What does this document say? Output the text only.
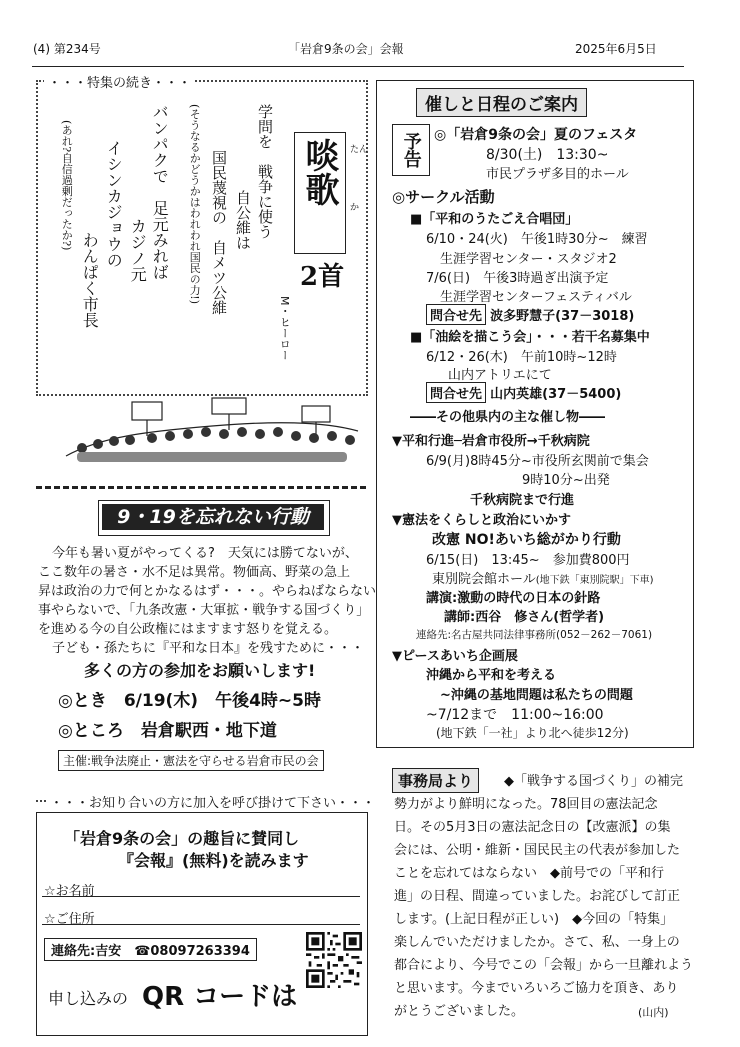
(4) 第234号	「岩倉9条の会」会報	2025年6月5日
・・・特集の続き・・・
啖歌 たん
か
2首
M・ヒーロー
学問を　戦争に使う
自公維は
国民蔑視の　自メツ公維
(そうなるかどうかはわれわれ国民の力!)
バンパクで　足元みれば
カジノ元
イシンカジョウの
わんぱく市長
(あれ?自信過剰だったか?)
9・19を忘れない行動
今年も暑い夏がやってくる?　天気には勝てないが、
ここ数年の暑さ・水不足は異常。物価高、野菜の急上
昇は政治の力で何とかなるはず・・・。やらねばならない
事やらないで、「九条改憲・大軍拡・戦争する国づくり」
を進める今の自公政権にはますます怒りを覚える。
子ども・孫たちに『平和な日本』を残すために・・・
多くの方の参加をお願いします!
◎とき　6/19(木)　午後4時~5時
◎ところ　岩倉駅西・地下道
主催:戦争法廃止・憲法を守らせる岩倉市民の会
・・・お知り合いの方に加入を呼び掛けて下さい・・・
「岩倉9条の会」の趣旨に賛同し
『会報』(無料)を読みます
☆お名前
☆ご住所
連絡先:吉安　☎08097263394
申し込みの QR コードは
催しと日程のご案内
予告 ◎「岩倉9条の会」夏のフェスタ
8/30(土)　13:30~
市民プラザ多目的ホール
◎サークル活動
■「平和のうたごえ合唱団」
6/10・24(火)　午後1時30分~　練習
生涯学習センター・スタジオ2
7/6(日)　午後3時過ぎ出演予定
生涯学習センターフェスティバル
問合せ先 波多野慧子(37－3018)
■「油絵を描こう会」・・・若干名募集中
6/12・26(木)　午前10時~12時
山内アトリエにて
問合せ先 山内英雄(37－5400)
――その他県内の主な催し物――
▼平和行進─岩倉市役所→千秋病院
6/9(月)8時45分~市役所玄関前で集会
9時10分~出発
千秋病院まで行進
▼憲法をくらしと政治にいかす
改憲 NO!あいち総がかり行動
6/15(日)　13:45~　参加費800円
東別院会館ホール(地下鉄「東別院駅」下車)
講演:激動の時代の日本の針路
講師:西谷　修さん(哲学者)
連絡先:名古屋共同法律事務所(052－262－7061)
▼ピースあいち企画展
沖縄から平和を考える
~沖縄の基地問題は私たちの問題
~7/12まで　11:00~16:00
(地下鉄「一社」より北へ徒歩12分)
事務局より	◆「戦争する国づくり」の補完
勢力がより鮮明になった。78回目の憲法記念
日。その5月3日の憲法記念日の【改憲派】の集
会には、公明・維新・国民民主の代表が参加した
ことを忘れてはならない　◆前号での「平和行
進」の日程、間違っていました。お詫びして訂正
します。(上記日程が正しい)　◆今回の「特集」
楽しんでいただけましたか。さて、私、一身上の
都合により、今号でこの「会報」から一旦離れよう
と思います。今までいろいろご協力を頂き、あり
がとうございました。	(山内)
